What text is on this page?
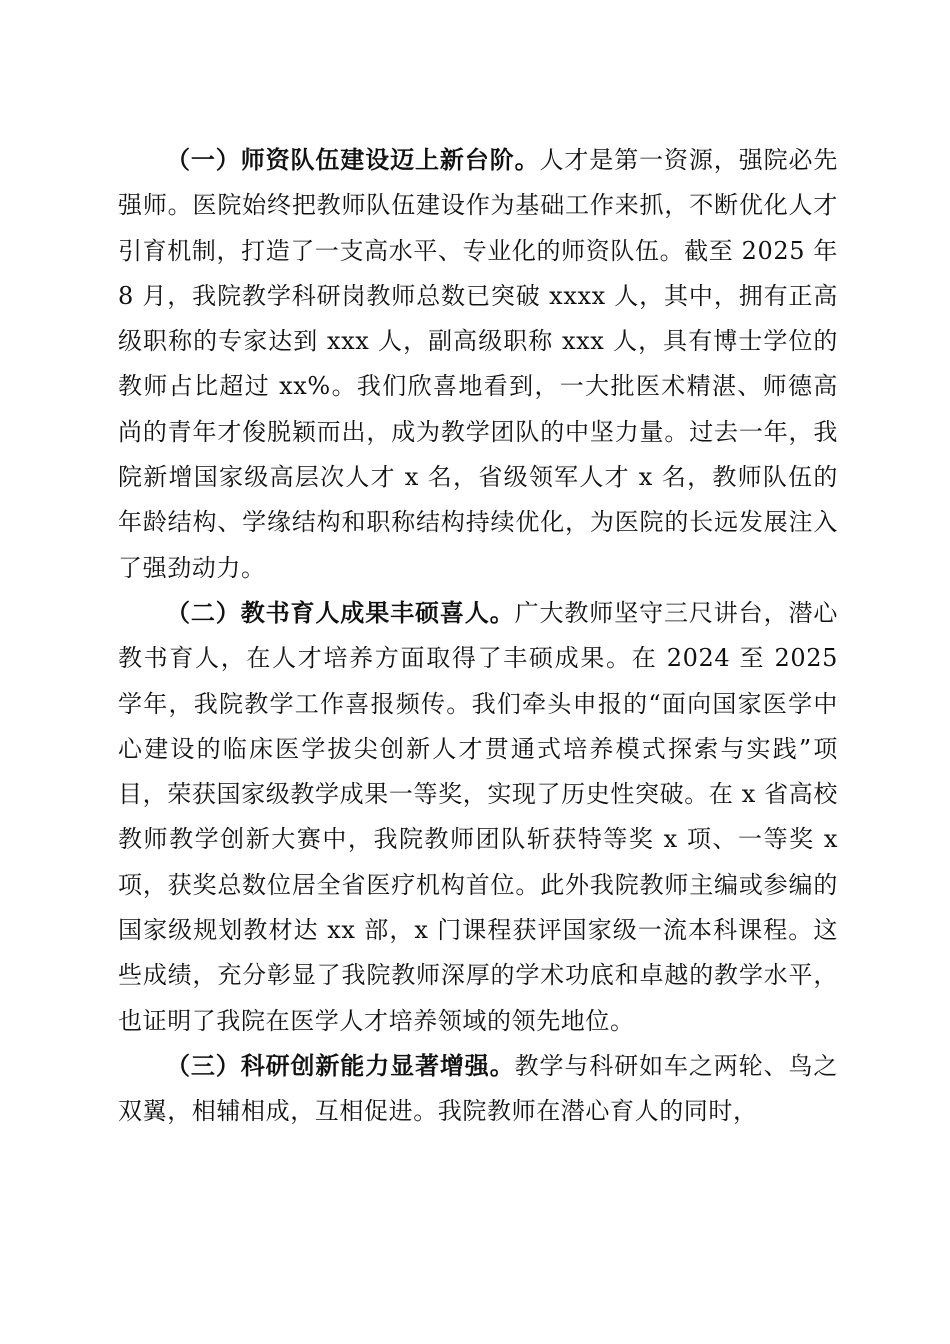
（一）师资队伍建设迈上新台阶。人才是第一资源，强院必先强师。医院始终把教师队伍建设作为基础工作来抓，不断优化人才引育机制，打造了一支高水平、专业化的师资队伍。截至 2025 年 8 月，我院教学科研岗教师总数已突破 xxxx 人，其中，拥有正高级职称的专家达到 xxx 人，副高级职称 xxx 人，具有博士学位的教师占比超过 xx%。我们欣喜地看到，一大批医术精湛、师德高尚的青年才俊脱颖而出，成为教学团队的中坚力量。过去一年，我院新增国家级高层次人才 x 名，省级领军人才 x 名，教师队伍的年龄结构、学缘结构和职称结构持续优化，为医院的长远发展注入了强劲动力。

（二）教书育人成果丰硕喜人。广大教师坚守三尺讲台，潜心教书育人，在人才培养方面取得了丰硕成果。在 2024 至 2025 学年，我院教学工作喜报频传。我们牵头申报的“面向国家医学中心建设的临床医学拔尖创新人才贯通式培养模式探索与实践”项目，荣获国家级教学成果一等奖，实现了历史性突破。在 x 省高校教师教学创新大赛中，我院教师团队斩获特等奖 x 项、一等奖 x 项，获奖总数位居全省医疗机构首位。此外我院教师主编或参编的国家级规划教材达 xx 部，x 门课程获评国家级一流本科课程。这些成绩，充分彰显了我院教师深厚的学术功底和卓越的教学水平，也证明了我院在医学人才培养领域的领先地位。

（三）科研创新能力显著增强。教学与科研如车之两轮、鸟之双翼，相辅相成，互相促进。我院教师在潜心育人的同时，
